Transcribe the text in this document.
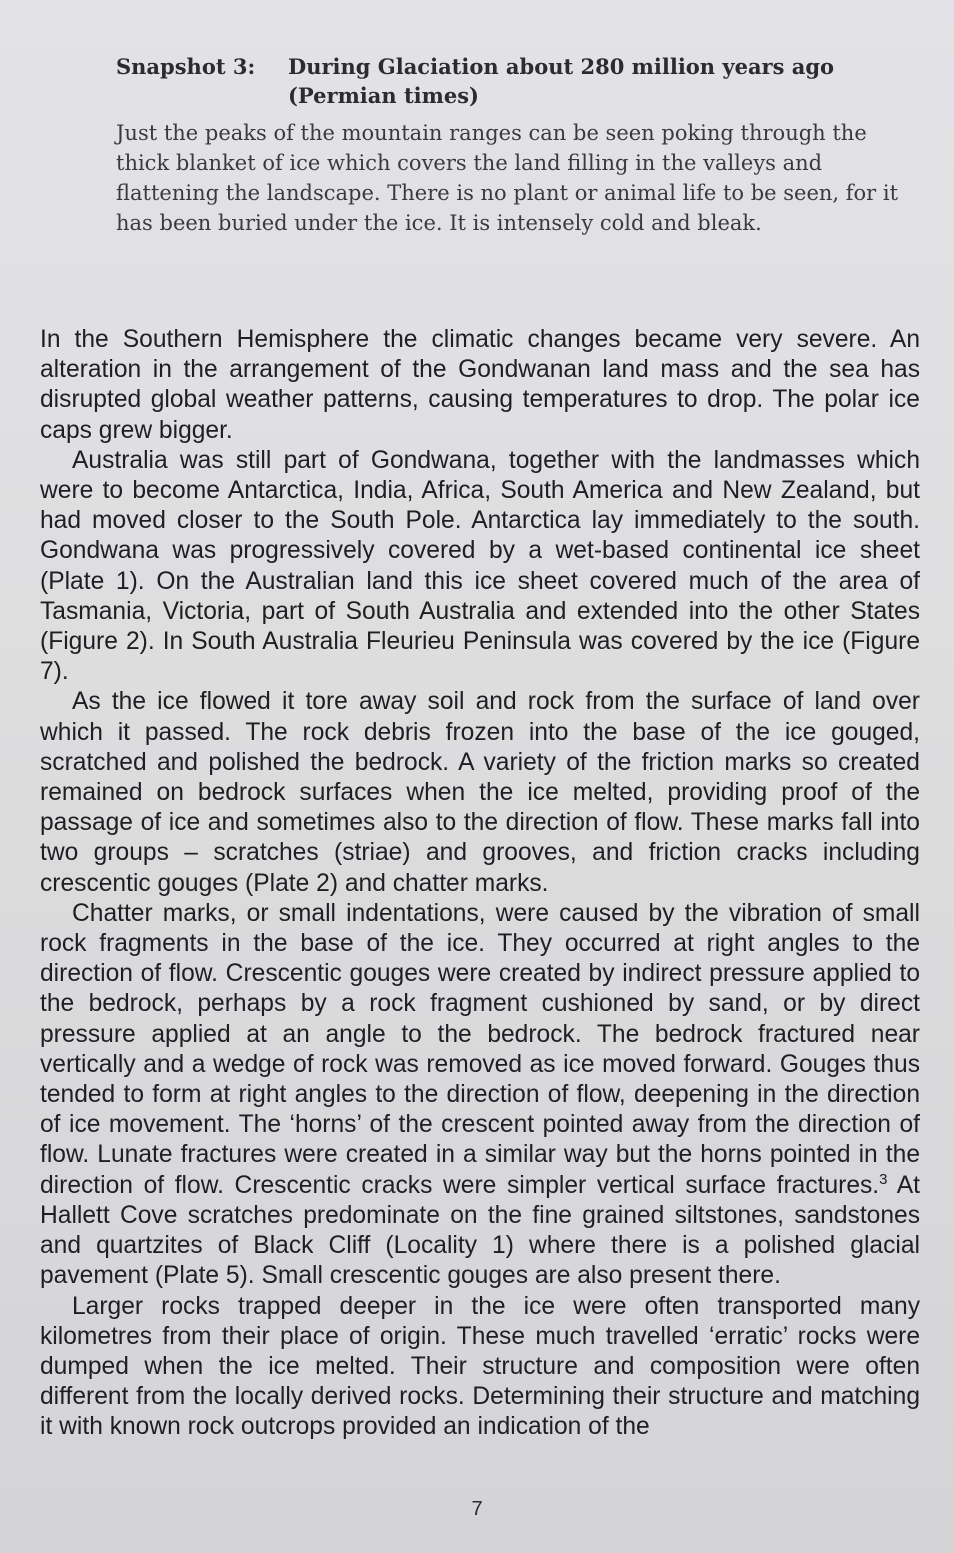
Snapshot 3:	During Glaciation about 280 million years ago
(Permian times)
Just the peaks of the mountain ranges can be seen poking through the thick blanket of ice which covers the land filling in the valleys and flattening the landscape. There is no plant or animal life to be seen, for it has been buried under the ice. It is intensely cold and bleak.

In the Southern Hemisphere the climatic changes became very severe. An alteration in the arrangement of the Gondwanan land mass and the sea has disrupted global weather patterns, causing temperatures to drop. The polar ice caps grew bigger.

Australia was still part of Gondwana, together with the landmasses which were to become Antarctica, India, Africa, South America and New Zealand, but had moved closer to the South Pole. Antarctica lay immediately to the south. Gondwana was progressively covered by a wet-based continental ice sheet (Plate 1). On the Australian land this ice sheet covered much of the area of Tasmania, Victoria, part of South Australia and extended into the other States (Figure 2). In South Australia Fleurieu Peninsula was covered by the ice (Figure 7).

As the ice flowed it tore away soil and rock from the surface of land over which it passed. The rock debris frozen into the base of the ice gouged, scratched and polished the bedrock. A variety of the friction marks so created remained on bedrock surfaces when the ice melted, providing proof of the passage of ice and sometimes also to the direction of flow. These marks fall into two groups – scratches (striae) and grooves, and friction cracks including crescentic gouges (Plate 2) and chatter marks.

Chatter marks, or small indentations, were caused by the vibration of small rock fragments in the base of the ice. They occurred at right angles to the direction of flow. Crescentic gouges were created by indirect pressure applied to the bedrock, perhaps by a rock fragment cushioned by sand, or by direct pressure applied at an angle to the bedrock. The bedrock fractured near vertically and a wedge of rock was removed as ice moved forward. Gouges thus tended to form at right angles to the direction of flow, deepening in the direction of ice movement. The ‘horns’ of the crescent pointed away from the direction of flow. Lunate fractures were created in a similar way but the horns pointed in the direction of flow. Crescentic cracks were simpler vertical surface fractures.$^3$ At Hallett Cove scratches predominate on the fine grained siltstones, sandstones and quartzites of Black Cliff (Locality 1) where there is a polished glacial pavement (Plate 5). Small crescentic gouges are also present there.

Larger rocks trapped deeper in the ice were often transported many kilometres from their place of origin. These much travelled ‘erratic’ rocks were dumped when the ice melted. Their structure and composition were often different from the locally derived rocks. Determining their structure and matching it with known rock outcrops provided an indication of the

7
